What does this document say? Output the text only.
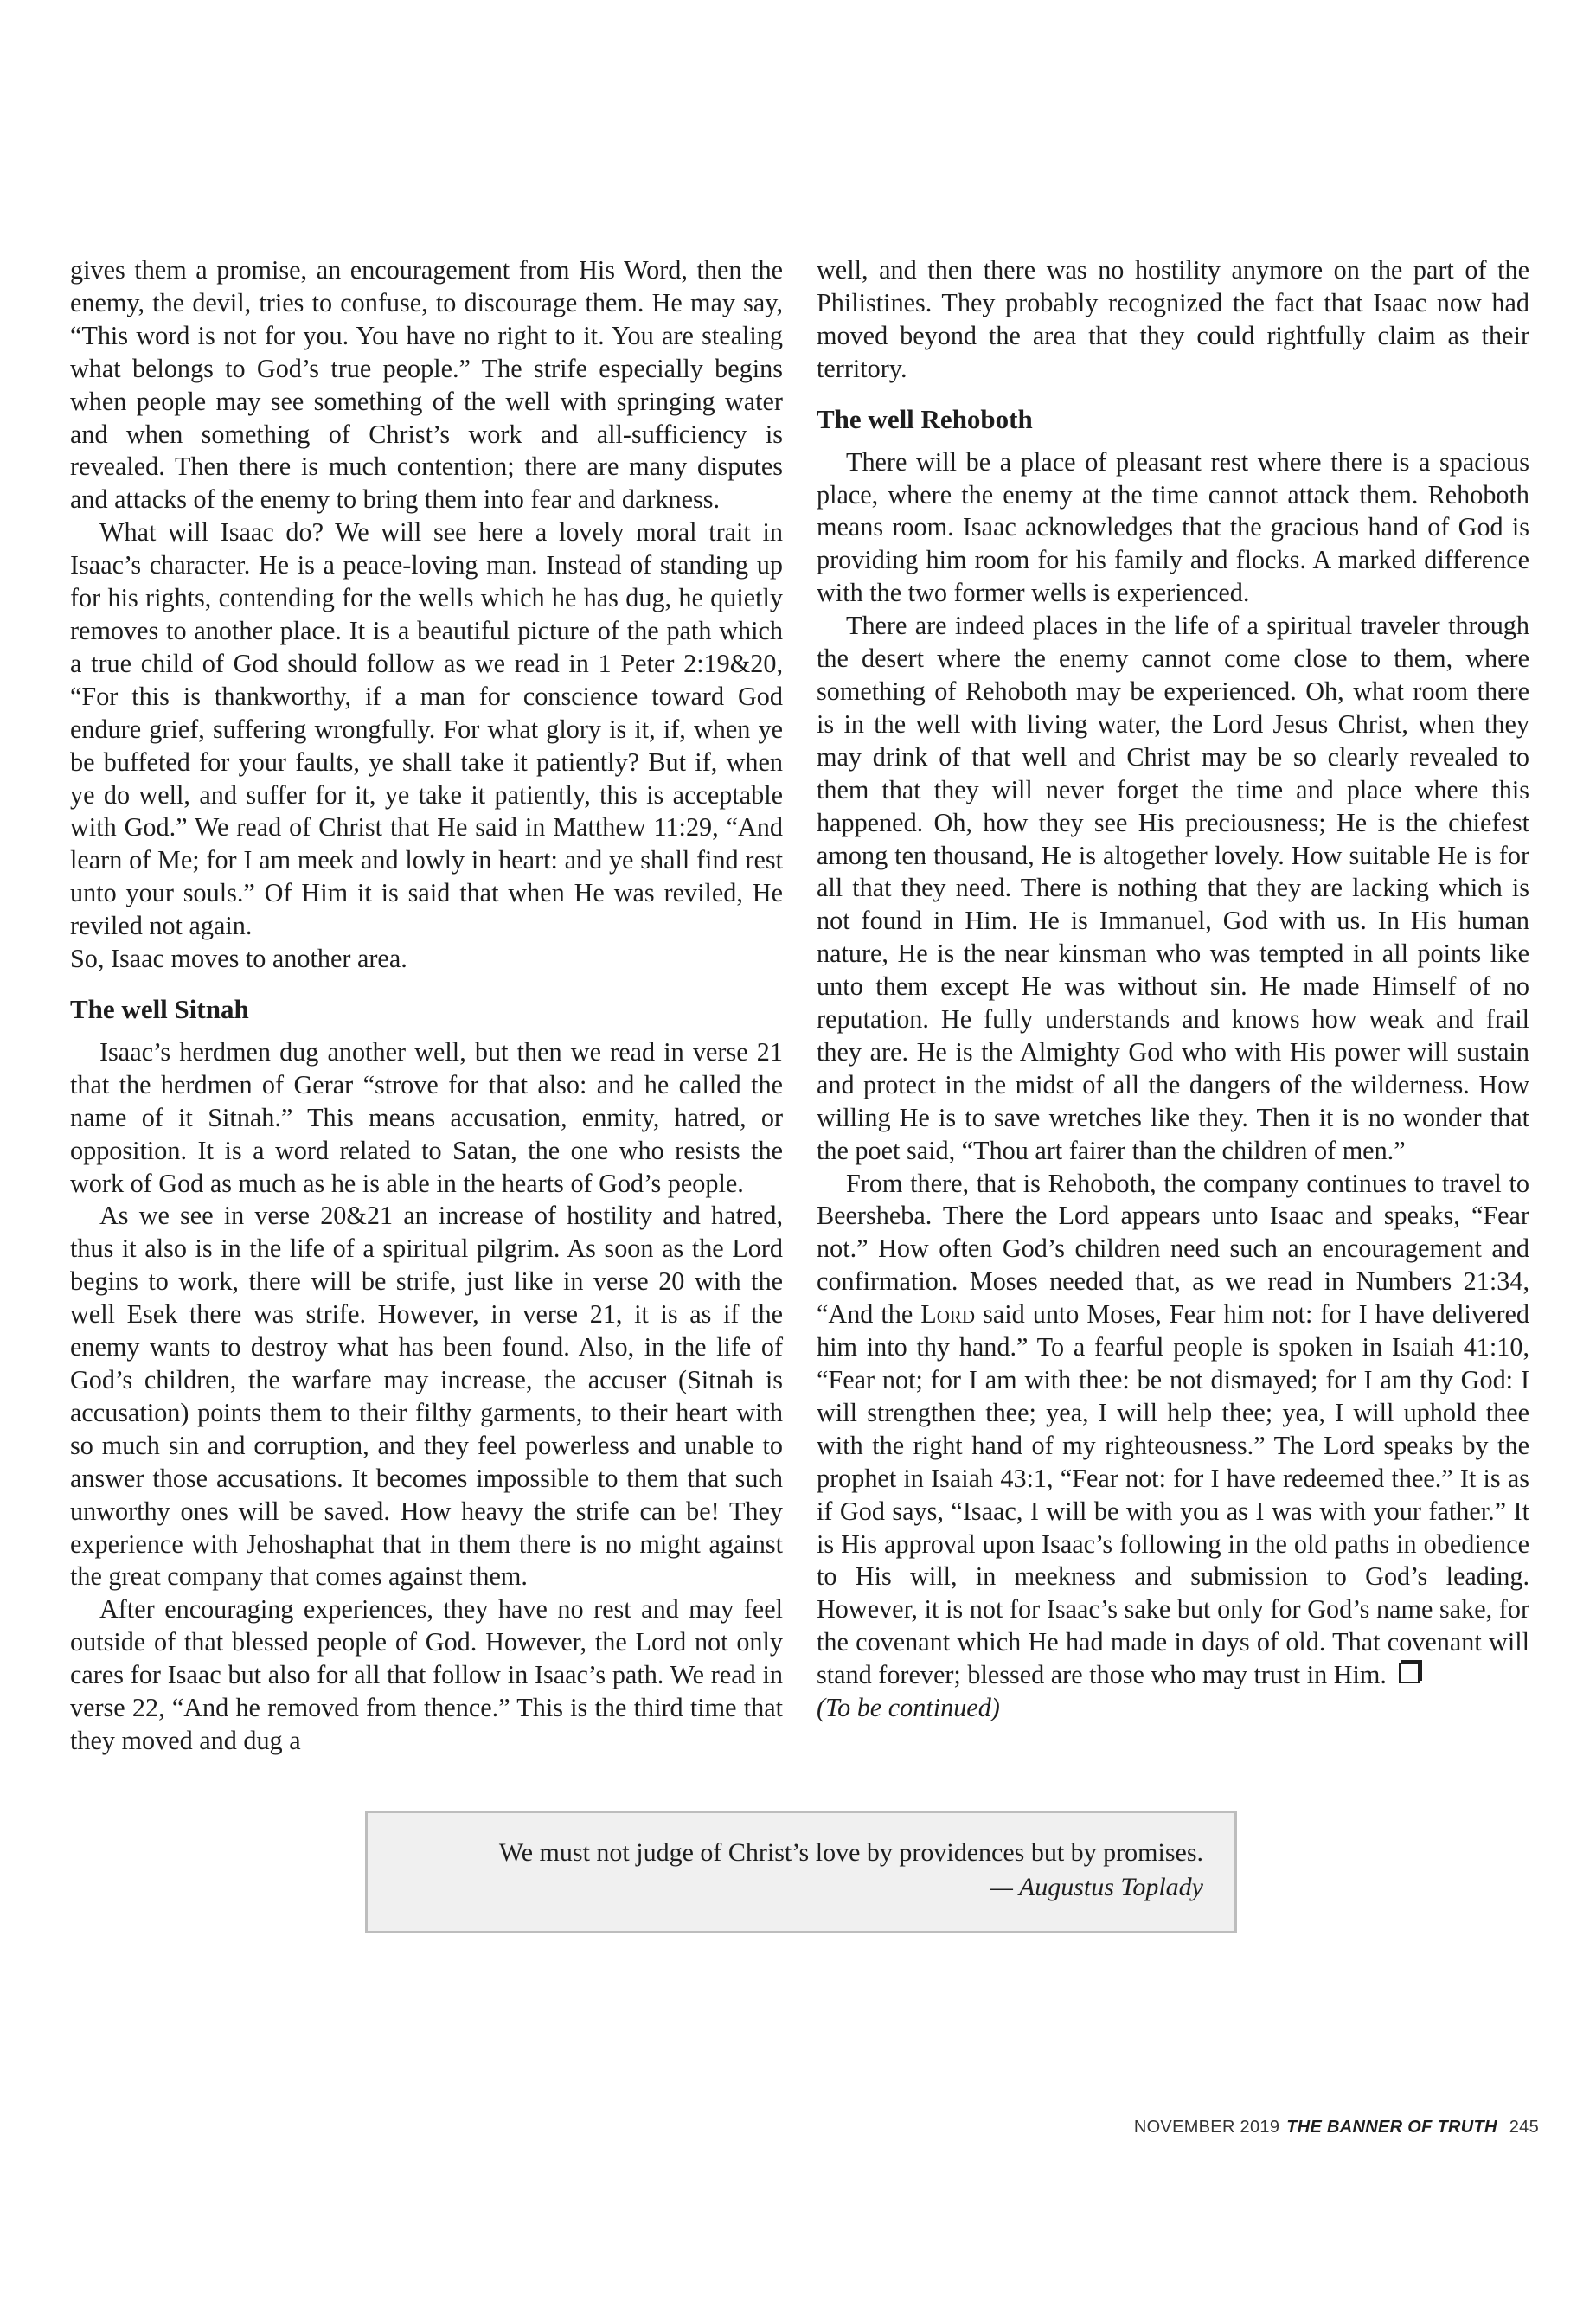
gives them a promise, an encouragement from His Word, then the enemy, the devil, tries to confuse, to discourage them. He may say, “This word is not for you. You have no right to it. You are stealing what belongs to God’s true people.” The strife especially begins when people may see something of the well with springing water and when something of Christ’s work and all-sufficiency is revealed. Then there is much contention; there are many disputes and attacks of the enemy to bring them into fear and darkness.

What will Isaac do? We will see here a lovely moral trait in Isaac’s character. He is a peace-loving man. Instead of standing up for his rights, contending for the wells which he has dug, he quietly removes to another place. It is a beautiful picture of the path which a true child of God should follow as we read in 1 Peter 2:19&20, “For this is thankworthy, if a man for conscience toward God endure grief, suffering wrongfully. For what glory is it, if, when ye be buffeted for your faults, ye shall take it patiently? But if, when ye do well, and suffer for it, ye take it patiently, this is acceptable with God.” We read of Christ that He said in Matthew 11:29, “And learn of Me; for I am meek and lowly in heart: and ye shall find rest unto your souls.” Of Him it is said that when He was reviled, He reviled not again.

So, Isaac moves to another area.

The well Sitnah

Isaac’s herdmen dug another well, but then we read in verse 21 that the herdmen of Gerar “strove for that also: and he called the name of it Sitnah.” This means accusation, enmity, hatred, or opposition. It is a word related to Satan, the one who resists the work of God as much as he is able in the hearts of God’s people.

As we see in verse 20&21 an increase of hostility and hatred, thus it also is in the life of a spiritual pilgrim. As soon as the Lord begins to work, there will be strife, just like in verse 20 with the well Esek there was strife. However, in verse 21, it is as if the enemy wants to destroy what has been found. Also, in the life of God’s children, the warfare may increase, the accuser (Sitnah is accusation) points them to their filthy garments, to their heart with so much sin and corruption, and they feel powerless and unable to answer those accusations. It becomes impossible to them that such unworthy ones will be saved. How heavy the strife can be! They experience with Jehoshaphat that in them there is no might against the great company that comes against them.

After encouraging experiences, they have no rest and may feel outside of that blessed people of God. However, the Lord not only cares for Isaac but also for all that follow in Isaac’s path. We read in verse 22, “And he removed from thence.” This is the third time that they moved and dug a

well, and then there was no hostility anymore on the part of the Philistines. They probably recognized the fact that Isaac now had moved beyond the area that they could rightfully claim as their territory.

The well Rehoboth

There will be a place of pleasant rest where there is a spacious place, where the enemy at the time cannot attack them. Rehoboth means room. Isaac acknowledges that the gracious hand of God is providing him room for his family and flocks. A marked difference with the two former wells is experienced.

There are indeed places in the life of a spiritual traveler through the desert where the enemy cannot come close to them, where something of Rehoboth may be experienced. Oh, what room there is in the well with living water, the Lord Jesus Christ, when they may drink of that well and Christ may be so clearly revealed to them that they will never forget the time and place where this happened. Oh, how they see His preciousness; He is the chiefest among ten thousand, He is altogether lovely. How suitable He is for all that they need. There is nothing that they are lacking which is not found in Him. He is Immanuel, God with us. In His human nature, He is the near kinsman who was tempted in all points like unto them except He was without sin. He made Himself of no reputation. He fully understands and knows how weak and frail they are. He is the Almighty God who with His power will sustain and protect in the midst of all the dangers of the wilderness. How willing He is to save wretches like they. Then it is no wonder that the poet said, “Thou art fairer than the children of men.”

From there, that is Rehoboth, the company continues to travel to Beersheba. There the Lord appears unto Isaac and speaks, “Fear not.” How often God’s children need such an encouragement and confirmation. Moses needed that, as we read in Numbers 21:34, “And the Lord said unto Moses, Fear him not: for I have delivered him into thy hand.” To a fearful people is spoken in Isaiah 41:10, “Fear not; for I am with thee: be not dismayed; for I am thy God: I will strengthen thee; yea, I will help thee; yea, I will uphold thee with the right hand of my righteousness.” The Lord speaks by the prophet in Isaiah 43:1, “Fear not: for I have redeemed thee.” It is as if God says, “Isaac, I will be with you as I was with your father.” It is His approval upon Isaac’s following in the old paths in obedience to His will, in meekness and submission to God’s leading. However, it is not for Isaac’s sake but only for God’s name sake, for the covenant which He had made in days of old. That covenant will stand forever; blessed are those who may trust in Him.

(To be continued)

We must not judge of Christ’s love by providences but by promises.
— Augustus Toplady
NOVEMBER 2019 THE BANNER OF TRUTH 245
